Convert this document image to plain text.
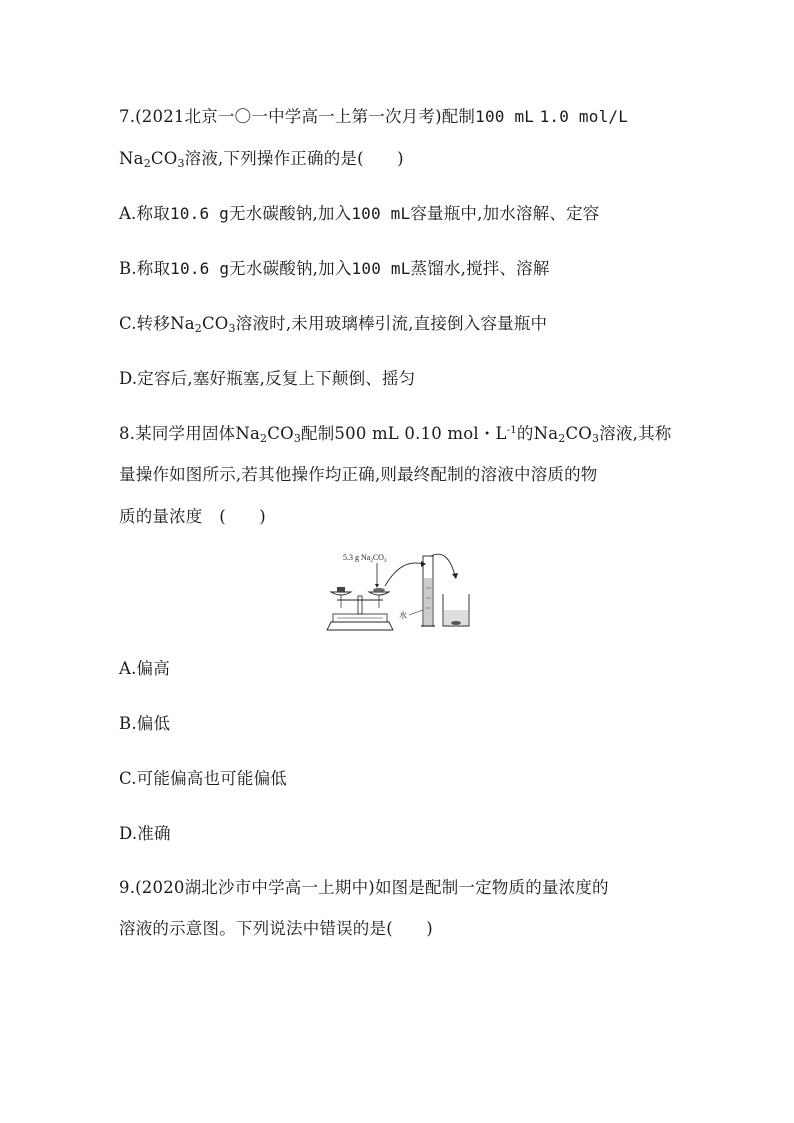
7.(2021北京一〇一中学高一上第一次月考)配制100 mL 1.0 mol/L
$Na_2CO_3$溶液,下列操作正确的是(　　)
A.称取10.6 g无水碳酸钠,加入100 mL容量瓶中,加水溶解、定容
B.称取10.6 g无水碳酸钠,加入100 mL蒸馏水,搅拌、溶解
C.转移$Na_2CO_3$溶液时,未用玻璃棒引流,直接倒入容量瓶中
D.定容后,塞好瓶塞,反复上下颠倒、摇匀
8.某同学用固体$Na_2CO_3$配制500 mL 0.10 mol・$L^{-1}$的$Na_2CO_3$溶液,其称
量操作如图所示,若其他操作均正确,则最终配制的溶液中溶质的物
质的量浓度　(　　)
5.3 g $Na_2CO_3$
水
A.偏高
B.偏低
C.可能偏高也可能偏低
D.准确
9.(2020湖北沙市中学高一上期中)如图是配制一定物质的量浓度的
溶液的示意图。下列说法中错误的是(　　)
